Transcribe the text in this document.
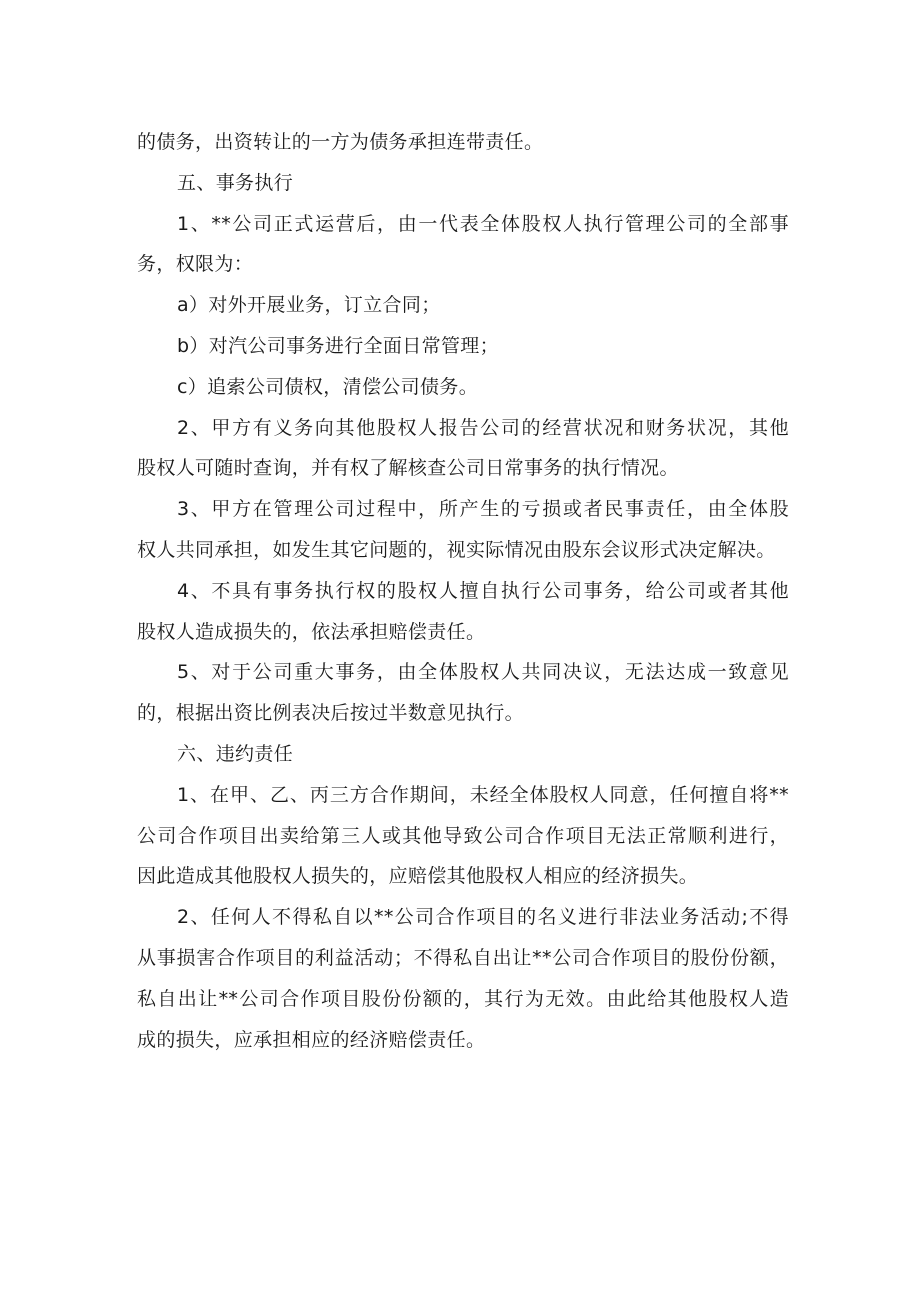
的债务，出资转让的一方为债务承担连带责任。
五、事务执行
1、**公司正式运营后，由一代表全体股权人执行管理公司的全部事
务，权限为：
a）对外开展业务，订立合同；
b）对汽公司事务进行全面日常管理；
c）追索公司债权，清偿公司债务。
2、甲方有义务向其他股权人报告公司的经营状况和财务状况，其他
股权人可随时查询，并有权了解核查公司日常事务的执行情况。
3、甲方在管理公司过程中，所产生的亏损或者民事责任，由全体股
权人共同承担，如发生其它问题的，视实际情况由股东会议形式决定解决。
4、不具有事务执行权的股权人擅自执行公司事务，给公司或者其他
股权人造成损失的，依法承担赔偿责任。
5、对于公司重大事务，由全体股权人共同决议，无法达成一致意见
的，根据出资比例表决后按过半数意见执行。
六、违约责任
1、在甲、乙、丙三方合作期间，未经全体股权人同意，任何擅自将**
公司合作项目出卖给第三人或其他导致公司合作项目无法正常顺利进行，
因此造成其他股权人损失的，应赔偿其他股权人相应的经济损失。
2、任何人不得私自以**公司合作项目的名义进行非法业务活动;不得
从事损害合作项目的利益活动；不得私自出让**公司合作项目的股份份额，
私自出让**公司合作项目股份份额的，其行为无效。由此给其他股权人造
成的损失，应承担相应的经济赔偿责任。
